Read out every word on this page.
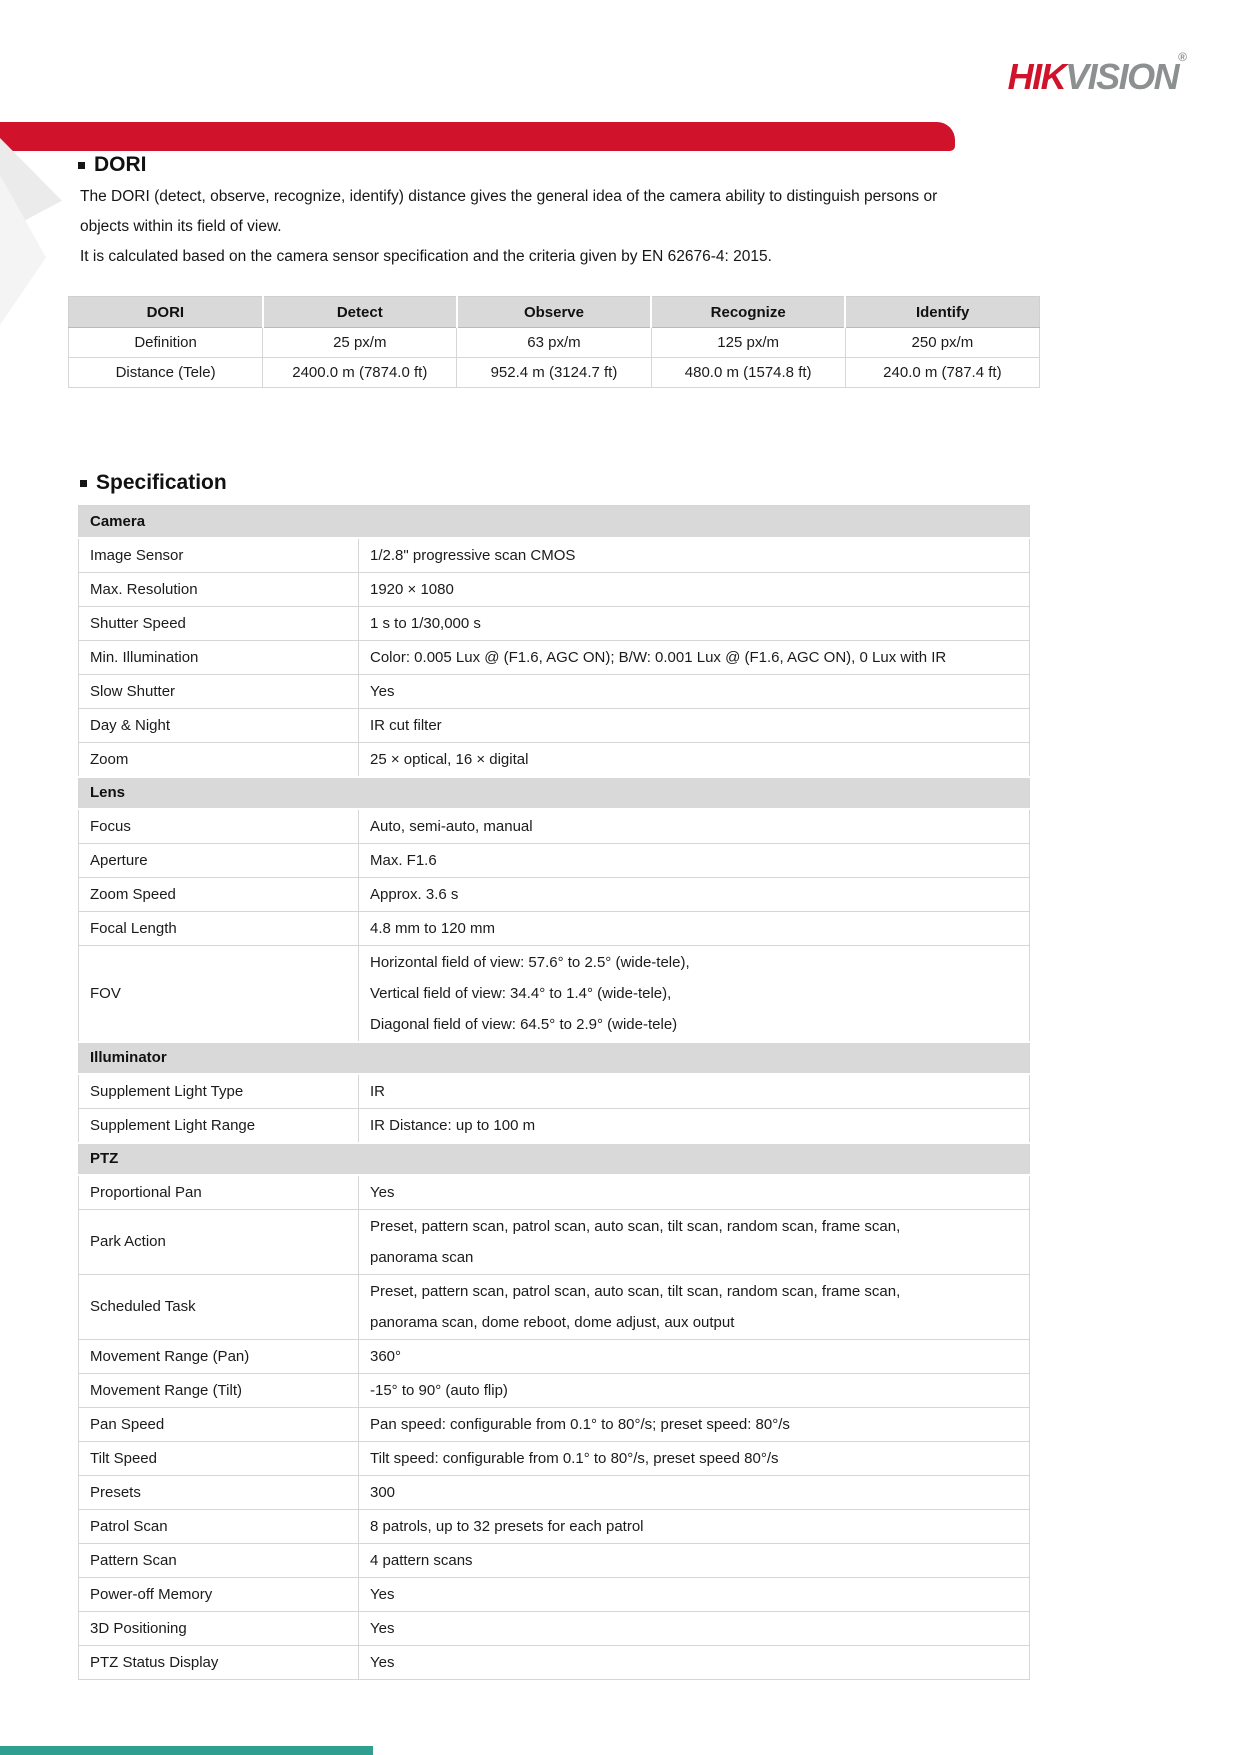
HIKVISION®
DORI
The DORI (detect, observe, recognize, identify) distance gives the general idea of the camera ability to distinguish persons or
objects within its field of view.
It is calculated based on the camera sensor specification and the criteria given by EN 62676-4: 2015.
DORI	Detect	Observe	Recognize	Identify
Definition	25 px/m	63 px/m	125 px/m	250 px/m
Distance (Tele)	2400.0 m (7874.0 ft)	952.4 m (3124.7 ft)	480.0 m (1574.8 ft)	240.0 m (787.4 ft)
Specification
Camera	
Image Sensor	1/2.8" progressive scan CMOS

Max. Resolution	1920 × 1080

Shutter Speed	1 s to 1/30,000 s

Min. Illumination	Color: 0.005 Lux @ (F1.6, AGC ON); B/W: 0.001 Lux @ (F1.6, AGC ON), 0 Lux with IR

Slow Shutter	Yes

Day & Night	IR cut filter

Zoom	25 × optical, 16 × digital

Lens	
Focus	Auto, semi-auto, manual

Aperture	Max. F1.6

Zoom Speed	Approx. 3.6 s

Focal Length	4.8 mm to 120 mm

FOV	Horizontal field of view: 57.6° to 2.5° (wide-tele),
Vertical field of view: 34.4° to 1.4° (wide-tele),
Diagonal field of view: 64.5° to 2.9° (wide-tele)

Illuminator	
Supplement Light Type	IR

Supplement Light Range	IR Distance: up to 100 m

PTZ	
Proportional Pan	Yes

Park Action	Preset, pattern scan, patrol scan, auto scan, tilt scan, random scan, frame scan,
panorama scan

Scheduled Task	Preset, pattern scan, patrol scan, auto scan, tilt scan, random scan, frame scan,
panorama scan, dome reboot, dome adjust, aux output

Movement Range (Pan)	360°

Movement Range (Tilt)	-15° to 90° (auto flip)

Pan Speed	Pan speed: configurable from 0.1° to 80°/s; preset speed: 80°/s

Tilt Speed	Tilt speed: configurable from 0.1° to 80°/s, preset speed 80°/s

Presets	300

Patrol Scan	8 patrols, up to 32 presets for each patrol

Pattern Scan	4 pattern scans

Power-off Memory	Yes

3D Positioning	Yes

PTZ Status Display	Yes
